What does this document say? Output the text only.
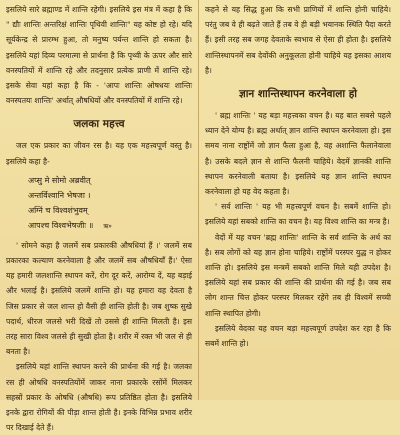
इसलिये सारे ब्रह्माण्ड में शान्ति रहेगी। इसलिये इस मंत्र में कहा है कि " द्यौः शान्तिः अन्तरिक्षं शान्तिः पृथिवी शान्तिः" यह कोष्ट हो रहे। यदि सूर्यकेन्द्र से प्रारम्भ हुआ, तो मनुष्य पर्यन्त शान्ति हो सकता है। इसलिये यहां दिव्य परमात्मा से प्रार्थना है कि पृथ्वी के ऊपर और सारे वनस्पतियों में शान्ति रहे और तदनुसार प्रत्येक प्राणी में शान्ति रहे। इसके सेवा यहां कहा है कि - 'आपः शान्तिः ओषधयः शान्तिः वनस्पतयः शान्तिः' अर्थात् औषधियों और वनस्पतियों में शान्ति रहे।

जलका महत्त्व

जल एक प्रकार का जीवन रस है। यह एक महत्त्वपूर्ण वस्तु है। इसलिये कहा है-

अप्सु मे सोमो अब्रवीत्
अन्तर्विश्वानि भेषजा ।
अग्निं च विश्वशंभुवम्
आपश्च विश्वभेषजीः ॥ ऋ०

' सोमने कहा है जलमें सब प्रकारकी औषधियां हैं ।' जलमें सब प्रकारका कल्याण करनेवाला है और जलमें सब औषधियाँ हैं।' ऐसा यह हमारी जलशान्ति स्थापन करें, रोग दूर करें, आरोग्य दें, यह बड़ाई और भलाई है। इसलिये जलमें शान्ति हो। यह हमारा वह देवता है जिस प्रकार से जल शान्त हो वैसी ही शान्ति होती है। जब शुष्क सुखे पदार्थ, धीरज जलसे भरी दिखें तो उससे ही शान्ति मिलती है। इस तरह सारा विश्व जलसे ही सुखी होता है। शरीर में रक्त भी जल से ही बनता है।

इसलिये यहां शान्ति स्थापन करने की प्रार्थना की गई है। जलका रस ही ओषधि वनस्पतियोंमें जाकर नाना प्रकारके रसोंमें मिलकर सहस्रों प्रकार के ओषधि (औषधि) रूप प्रतिष्ठित होता है। इसलिये इनके द्वारा रोगियों की पीड़ा शान्त होती है। इनके विभिन्न प्रभाव शरीर पर दिखाई देते हैं।

कहने से यह सिद्ध हुआ कि सभी प्राणियों में शान्ति होनी चाहिये। परंतु जब वे ही बढ़ते जाते हैं तब वे ही बड़ी भयानक स्थिति पैदा करते हैं। इसी तरह सब जगह देवताके स्वभाव से ऐसा ही होता है। इसलिये शान्तिस्थापनमें सब देवोंकी अनुकूलता होनी चाहिये यह इसका आशय है।

ज्ञान शान्तिस्थापन करनेवाला हो

' ब्रह्म शान्तिः ' यह बड़ा महत्त्वका वचन है। यह बात सबसे पहले ध्यान देने योग्य है। ब्रह्म अर्थात् ज्ञान शान्ति स्थापन करनेवाला हो। इस समय नाना राष्ट्रोंमें जो ज्ञान फैला हुआ है, वह अशान्ति फैलानेवाला है। उसके बदले ज्ञान से शान्ति फैलनी चाहिये। वेदमें ज्ञानकी शान्ति स्थापन करनेवाली बताया है। इसलिये यह ज्ञान शान्ति स्थापन करनेवाला हो यह वेद कहता है।

' सर्व शान्तिः ' यह भी महत्त्वपूर्ण वचन है। सबमें शान्ति हो। इसलिये यहां सबको शान्ति का वचन है। यह विश्व शान्ति का मन्त्र है।

वेदों में यह वचन 'ब्रह्म शान्तिः' शान्ति के सर्व शान्ति के अर्थ का है। सब लोगों को यह ज्ञान होना चाहिये। राष्ट्रोंमें परस्पर युद्ध न होकर शान्ति हो। इसलिये इस मन्त्रमें सबको शान्ति मिले यही उपदेश है। इसलिये यहां सब प्रकार की शान्ति की प्रार्थना की गई है। जब सब लोग शान्त चित्त होकर परस्पर मिलकर रहेंगे तब ही विश्वमें सच्ची शान्ति स्थापित होगी।

इसलिये वेदका यह वचन बड़ा महत्त्वपूर्ण उपदेश कर रहा है कि सबमें शान्ति हो।
